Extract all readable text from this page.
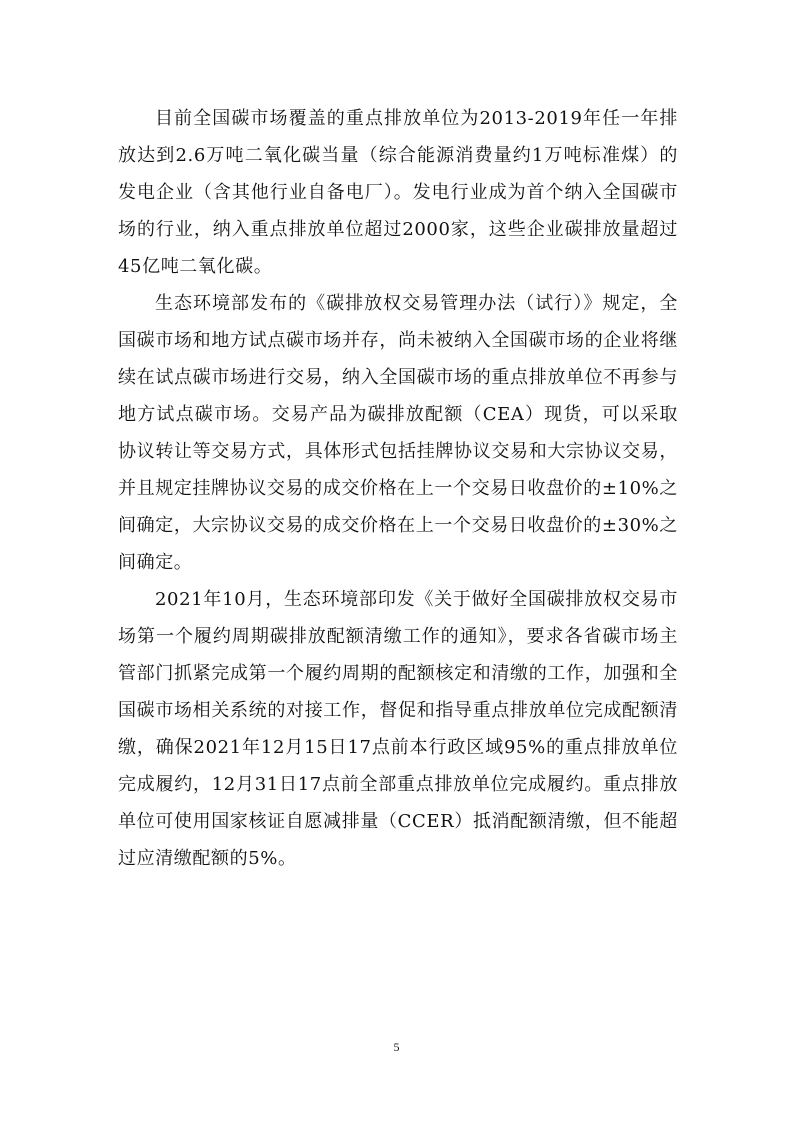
目前全国碳市场覆盖的重点排放单位为2013-2019年任一年排放达到2.6万吨二氧化碳当量（综合能源消费量约1万吨标准煤）的发电企业（含其他行业自备电厂）。发电行业成为首个纳入全国碳市场的行业，纳入重点排放单位超过2000家，这些企业碳排放量超过45亿吨二氧化碳。

生态环境部发布的《碳排放权交易管理办法（试行）》规定，全国碳市场和地方试点碳市场并存，尚未被纳入全国碳市场的企业将继续在试点碳市场进行交易，纳入全国碳市场的重点排放单位不再参与地方试点碳市场。交易产品为碳排放配额（CEA）现货，可以采取协议转让等交易方式，具体形式包括挂牌协议交易和大宗协议交易，并且规定挂牌协议交易的成交价格在上一个交易日收盘价的±10%之间确定，大宗协议交易的成交价格在上一个交易日收盘价的±30%之间确定。

2021年10月，生态环境部印发《关于做好全国碳排放权交易市场第一个履约周期碳排放配额清缴工作的通知》，要求各省碳市场主管部门抓紧完成第一个履约周期的配额核定和清缴的工作，加强和全国碳市场相关系统的对接工作，督促和指导重点排放单位完成配额清缴，确保2021年12月15日17点前本行政区域95%的重点排放单位完成履约，12月31日17点前全部重点排放单位完成履约。重点排放单位可使用国家核证自愿减排量（CCER）抵消配额清缴，但不能超过应清缴配额的5%。

5
